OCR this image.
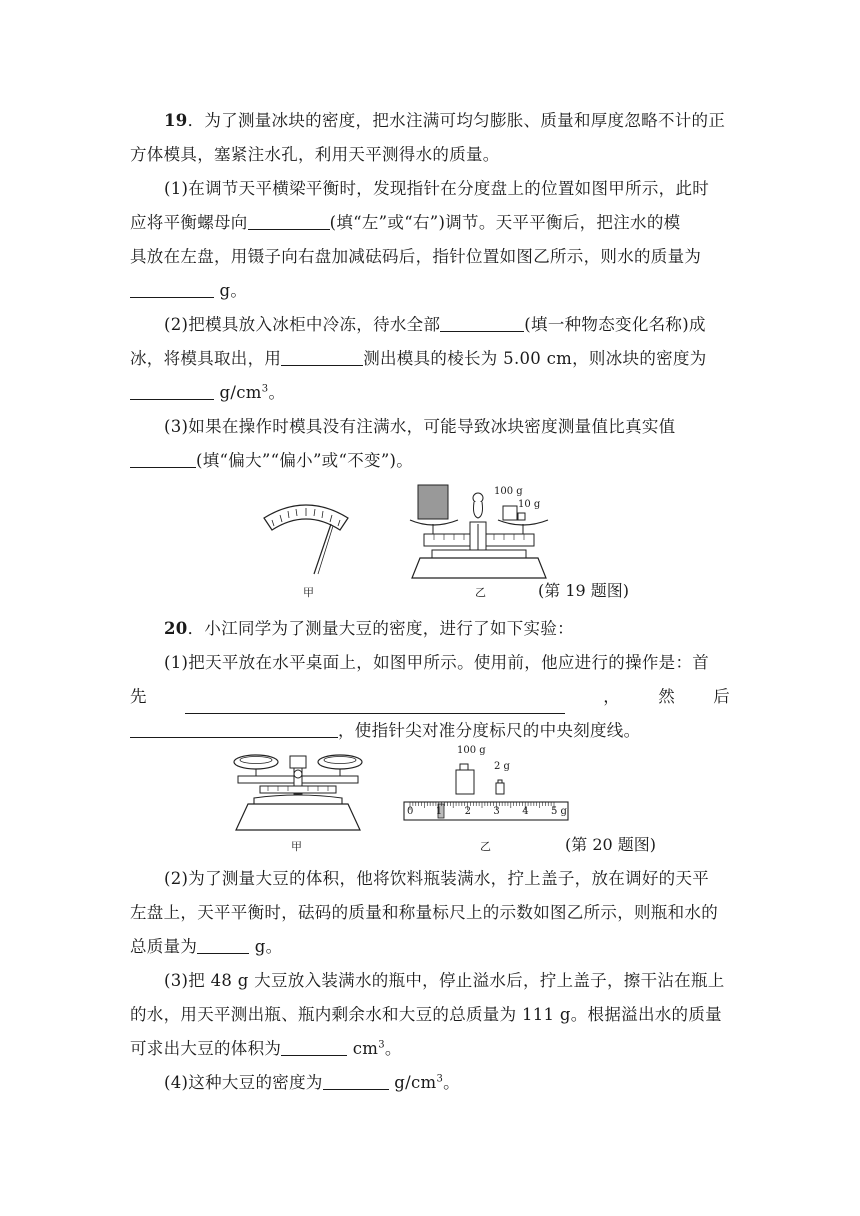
19．为了测量冰块的密度，把水注满可均匀膨胀、质量和厚度忽略不计的正
方体模具，塞紧注水孔，利用天平测得水的质量。
(1)在调节天平横梁平衡时，发现指针在分度盘上的位置如图甲所示，此时
应将平衡螺母向	(填“左”或“右”)调节。天平平衡后，把注水的模
具放在左盘，用镊子向右盘加减砝码后，指针位置如图乙所示，则水的质量为
g。
(2)把模具放入冰柜中冷冻，待水全部	(填一种物态变化名称)成
冰，将模具取出，用	测出模具的棱长为 5.00 cm，则冰块的密度为
$g/cm^3$。
(3)如果在操作时模具没有注满水，可能导致冰块密度测量值比真实值
(填“偏大”“偏小”或“不变”)。
甲
100 g
10 g
乙	(第 19 题图)
20．小江同学为了测量大豆的密度，进行了如下实验：
(1)把天平放在水平桌面上，如图甲所示。使用前，他应进行的操作是：首

先	， 然 后
，使指针尖对准分度标尺的中央刻度线。
甲
100 g
2 g
0 1 2 3 4 5 g
乙	(第 20 题图)
(2)为了测量大豆的体积，他将饮料瓶装满水，拧上盖子，放在调好的天平
左盘上，天平平衡时，砝码的质量和称量标尺上的示数如图乙所示，则瓶和水的
总质量为	g。
(3)把 48 g 大豆放入装满水的瓶中，停止溢水后，拧上盖子，擦干沾在瓶上
的水，用天平测出瓶、瓶内剩余水和大豆的总质量为 111 g。根据溢出水的质量
可求出大豆的体积为	$cm^3$。
(4)这种大豆的密度为	$g/cm^3$。
